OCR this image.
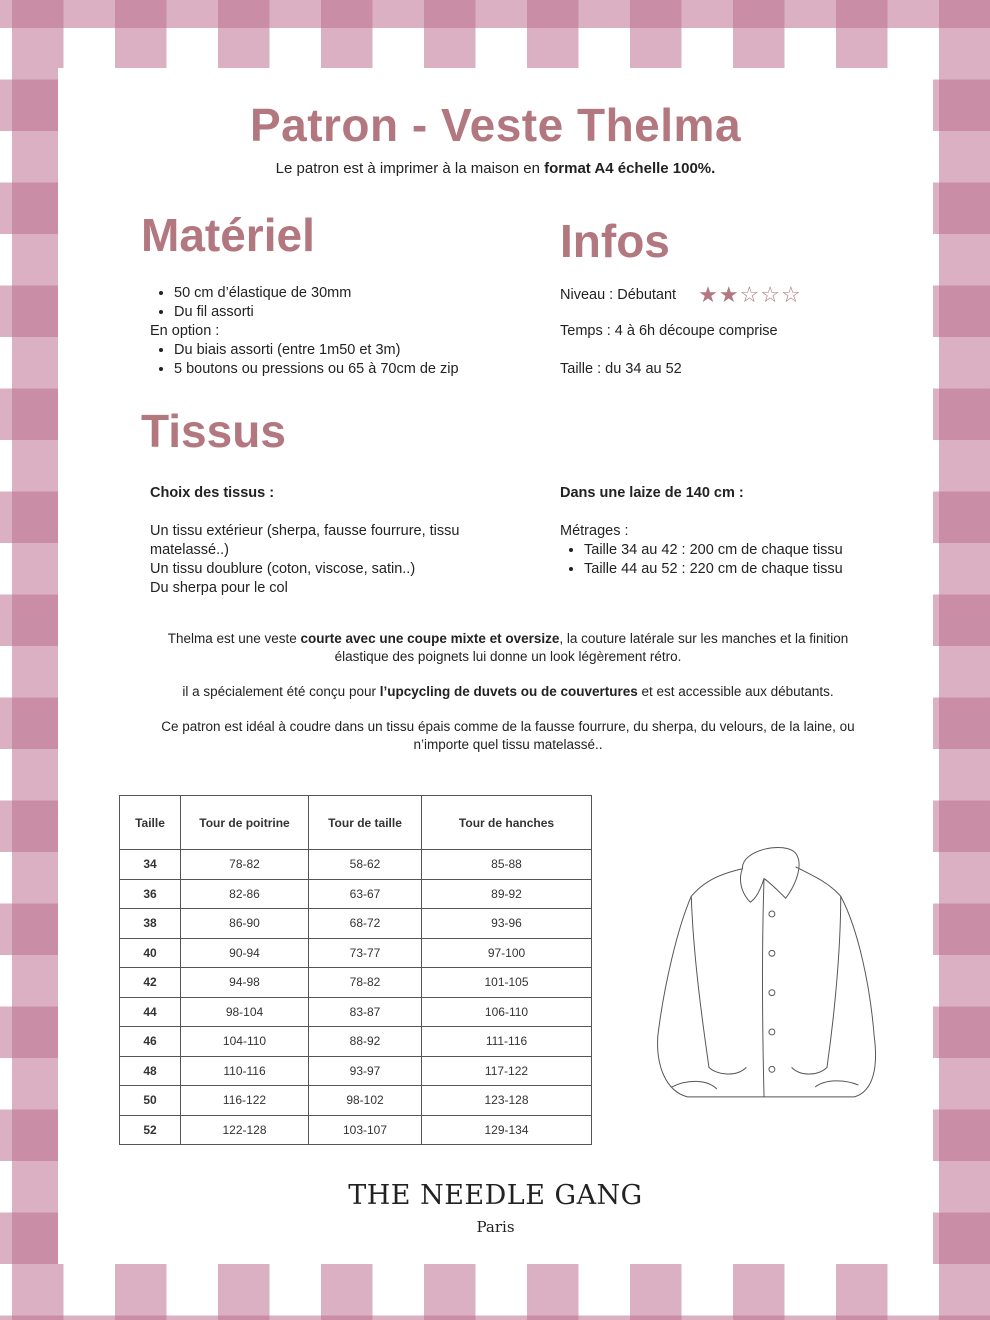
Patron - Veste Thelma
Le patron est à imprimer à la maison en format A4 échelle 100%.
Matériel
• 50 cm d’élastique de 30mm
• Du fil assorti
En option :
• Du biais assorti (entre 1m50 et 3m)
• 5 boutons ou pressions ou 65 à 70cm de zip
Infos
Niveau : Débutant ★ ★ ☆ ☆ ☆
Temps : 4 à 6h découpe comprise
Taille : du 34 au 52
Tissus
Choix des tissus :
Un tissu extérieur (sherpa, fausse fourrure, tissu matelassé..)
Un tissu doublure (coton, viscose, satin..)
Du sherpa pour le col
Dans une laize de 140 cm :
Métrages :
• Taille 34 au 42 : 200 cm de chaque tissu
• Taille 44 au 52 : 220 cm de chaque tissu

Thelma est une veste courte avec une coupe mixte et oversize, la couture latérale sur les manches et la finition élastique des poignets lui donne un look légèrement rétro.

il a spécialement été conçu pour l’upcycling de duvets ou de couvertures et est accessible aux débutants.

Ce patron est idéal à coudre dans un tissu épais comme de la fausse fourrure, du sherpa, du velours, de la laine, ou n’importe quel tissu matelassé..

Taille	Tour de poitrine	Tour de taille	Tour de hanches
34	78-82	58-62	85-88
36	82-86	63-67	89-92
38	86-90	68-72	93-96
40	90-94	73-77	97-100
42	94-98	78-82	101-105
44	98-104	83-87	106-110
46	104-110	88-92	111-116
48	110-116	93-97	117-122
50	116-122	98-102	123-128
52	122-128	103-107	129-134
THE NEEDLE GANG
Paris
